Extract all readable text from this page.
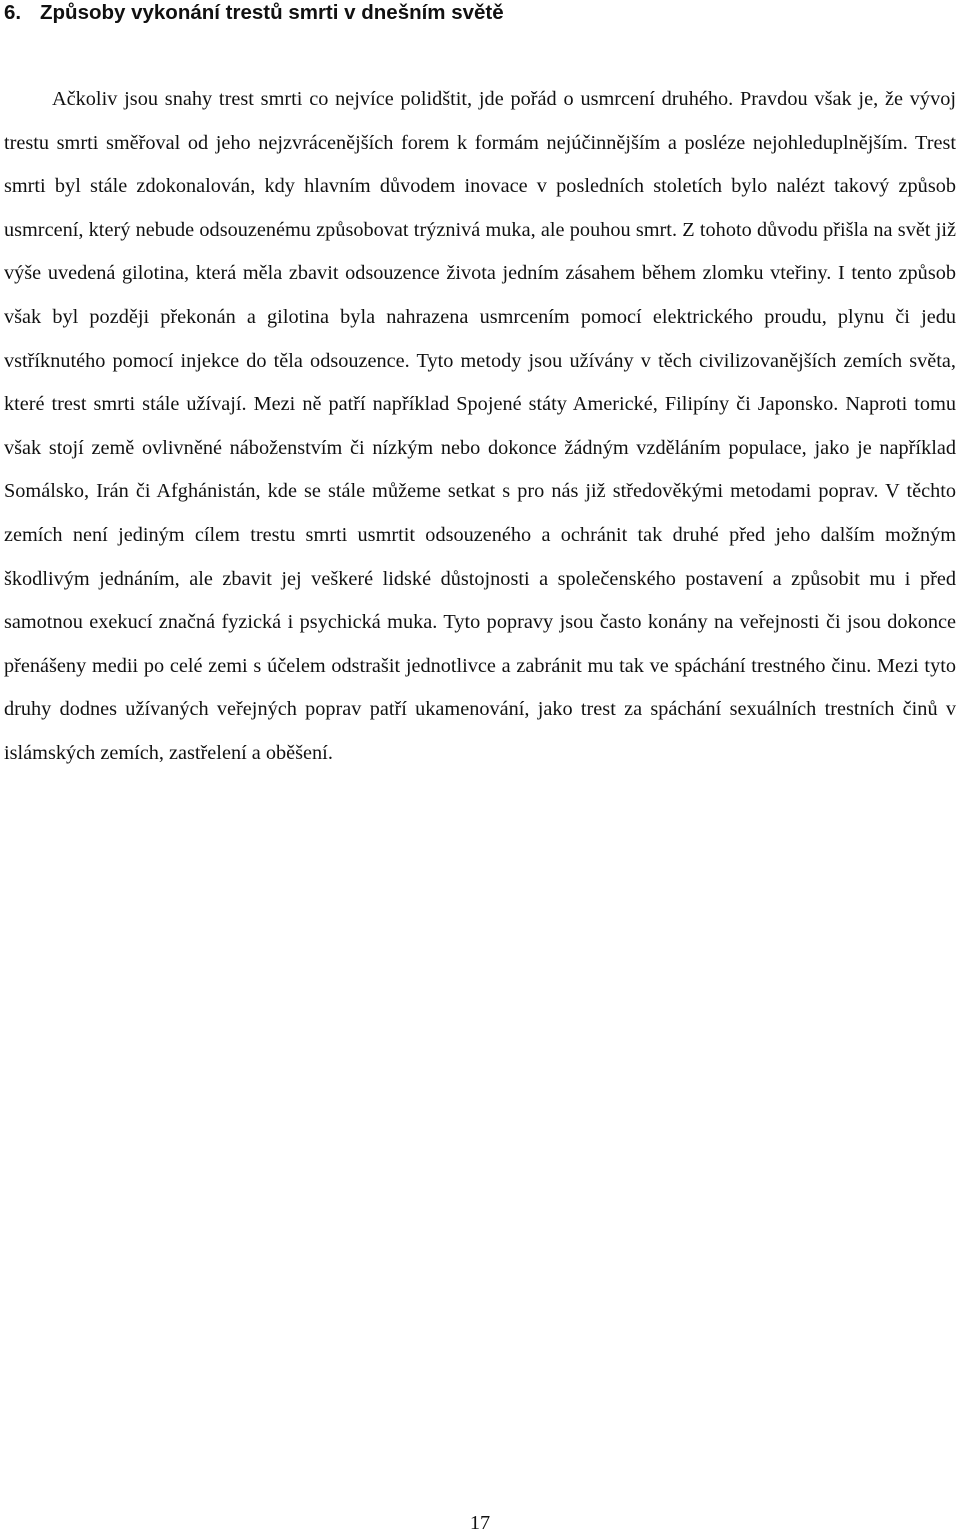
6. Způsoby vykonání trestů smrti v dnešním světě

Ačkoliv jsou snahy trest smrti co nejvíce polidštit, jde pořád o usmrcení druhého. Pravdou však je, že vývoj trestu smrti směřoval od jeho nejzvrácenějších forem k formám nejúčinnějším a posléze nejohleduplnějším. Trest smrti byl stále zdokonalován, kdy hlavním důvodem inovace v posledních stoletích bylo nalézt takový způsob usmrcení, který nebude odsouzenému způsobovat trýznivá muka, ale pouhou smrt. Z tohoto důvodu přišla na svět již výše uvedená gilotina, která měla zbavit odsouzence života jedním zásahem během zlomku vteřiny. I tento způsob však byl později překonán a gilotina byla nahrazena usmrcením pomocí elektrického proudu, plynu či jedu vstříknutého pomocí injekce do těla odsouzence. Tyto metody jsou užívány v těch civilizovanějších zemích světa, které trest smrti stále užívají. Mezi ně patří například Spojené státy Americké, Filipíny či Japonsko. Naproti tomu však stojí země ovlivněné náboženstvím či nízkým nebo dokonce žádným vzděláním populace, jako je například Somálsko, Irán či Afghánistán, kde se stále můžeme setkat s pro nás již středověkými metodami poprav. V těchto zemích není jediným cílem trestu smrti usmrtit odsouzeného a ochránit tak druhé před jeho dalším možným škodlivým jednáním, ale zbavit jej veškeré lidské důstojnosti a společenského postavení a způsobit mu i před samotnou exekucí značná fyzická i psychická muka. Tyto popravy jsou často konány na veřejnosti či jsou dokonce přenášeny medii po celé zemi s účelem odstrašit jednotlivce a zabránit mu tak ve spáchání trestného činu. Mezi tyto druhy dodnes užívaných veřejných poprav patří ukamenování, jako trest za spáchání sexuálních trestních činů v islámských zemích, zastřelení a oběšení.

17
